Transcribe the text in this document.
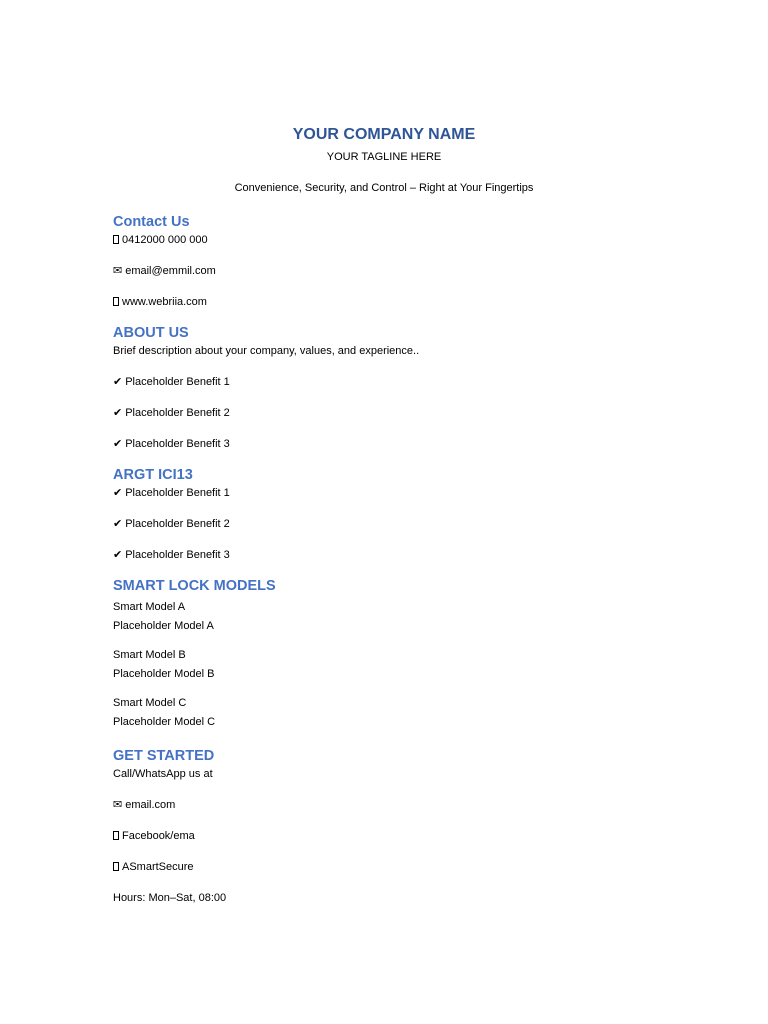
YOUR COMPANY NAME
YOUR TAGLINE HERE
Convenience, Security, and Control – Right at Your Fingertips
Contact Us
0412000 000 000
✉ email@emmil.com
www.webriia.com
ABOUT US
Brief description about your company, values, and experience..
✔ Placeholder Benefit 1
✔ Placeholder Benefit 2
✔ Placeholder Benefit 3
ARGT ICI13
✔ Placeholder Benefit 1
✔ Placeholder Benefit 2
✔ Placeholder Benefit 3
SMART LOCK MODELS
Smart Model A
Placeholder Model A
Smart Model B
Placeholder Model B
Smart Model C
Placeholder Model C
GET STARTED
Call/WhatsApp us at
✉ email.com
Facebook/ema
ASmartSecure
Hours: Mon–Sat, 08:00
